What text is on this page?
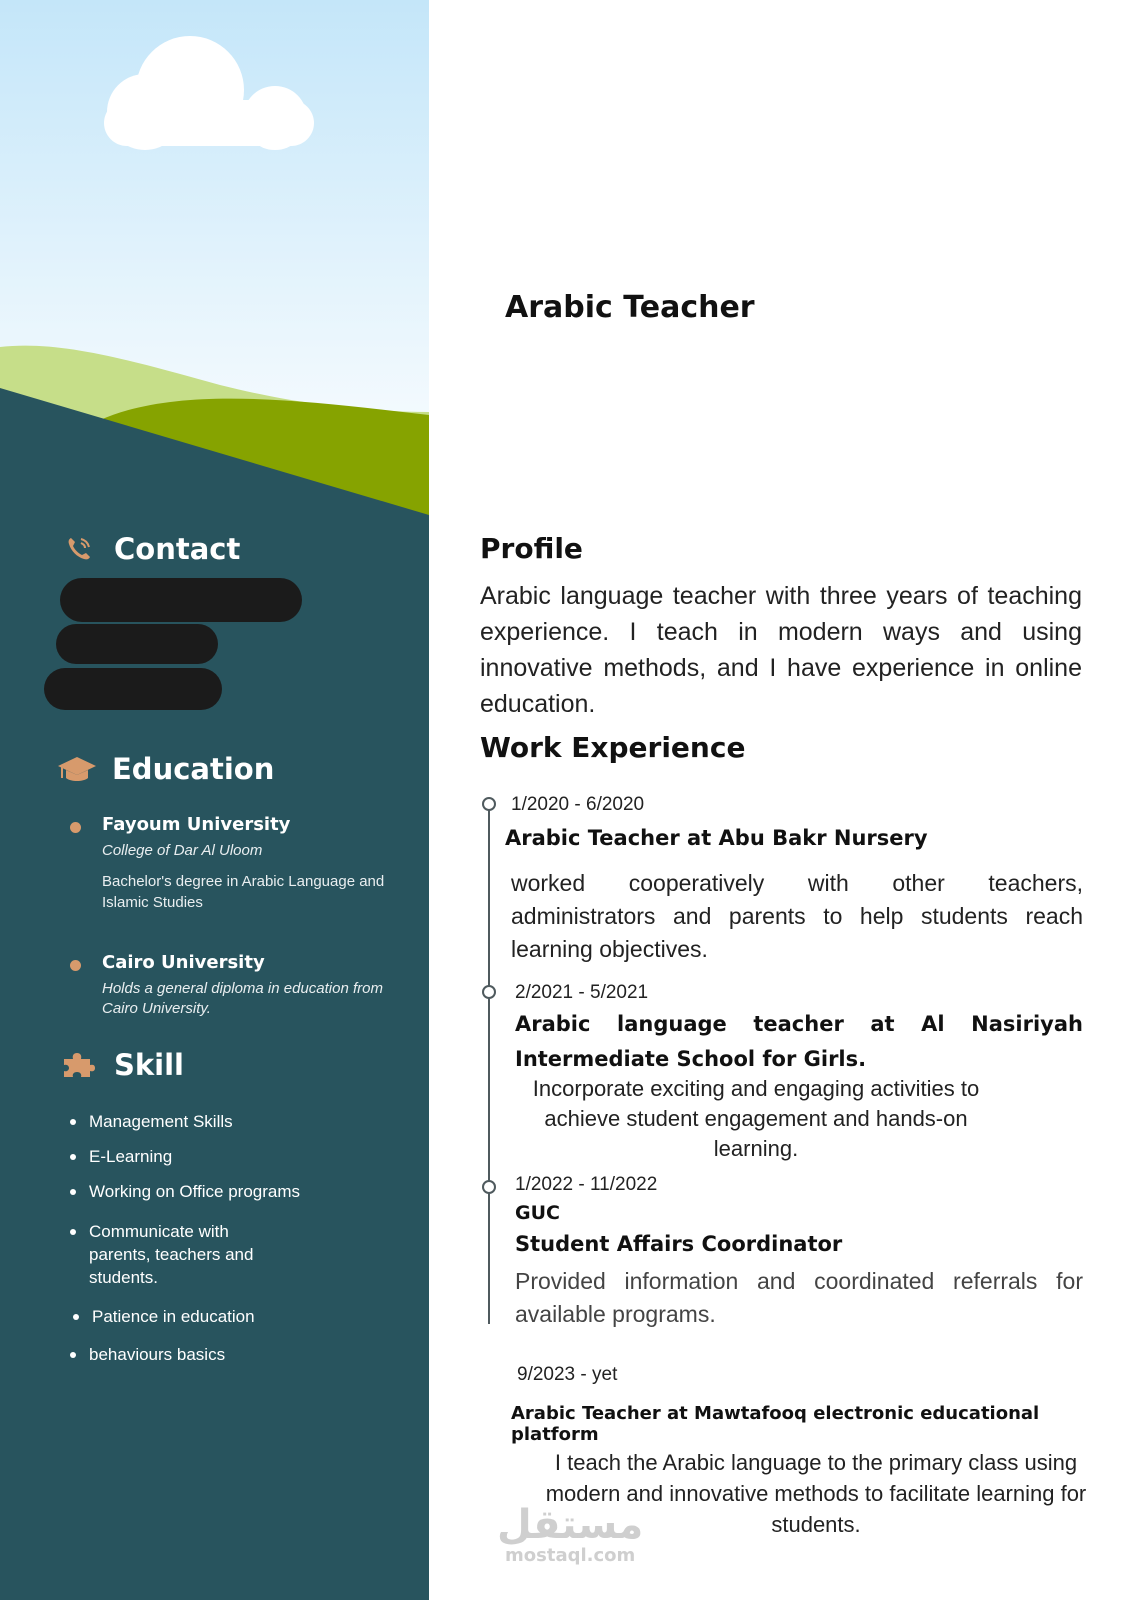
Contact
Education
Fayoum University
College of Dar Al Uloom
Bachelor's degree in Arabic Language and Islamic Studies
Cairo University
Holds a general diploma in education from Cairo University.
Skill
Management Skills
E-Learning
Working on Office programs
Communicate with parents, teachers and students.
Patience in education
behaviours basics
Arabic Teacher
Profile
Arabic language teacher with three years of teaching experience. I teach in modern ways and using innovative methods, and I have experience in online education.
Work Experience
1/2020 - 6/2020
Arabic Teacher at Abu Bakr Nursery
worked cooperatively with other teachers, administrators and parents to help students reach learning objectives.
2/2021 - 5/2021
Arabic language teacher at Al Nasiriyah Intermediate School for Girls.
Incorporate exciting and engaging activities to achieve student engagement and hands-on learning.
1/2022 - 11/2022
GUC
Student Affairs Coordinator
Provided information and coordinated referrals for available programs.
9/2023 - yet
Arabic Teacher at Mawtafooq electronic educational platform
I teach the Arabic language to the primary class using modern and innovative methods to facilitate learning for students.
مستقل
mostaql.com
